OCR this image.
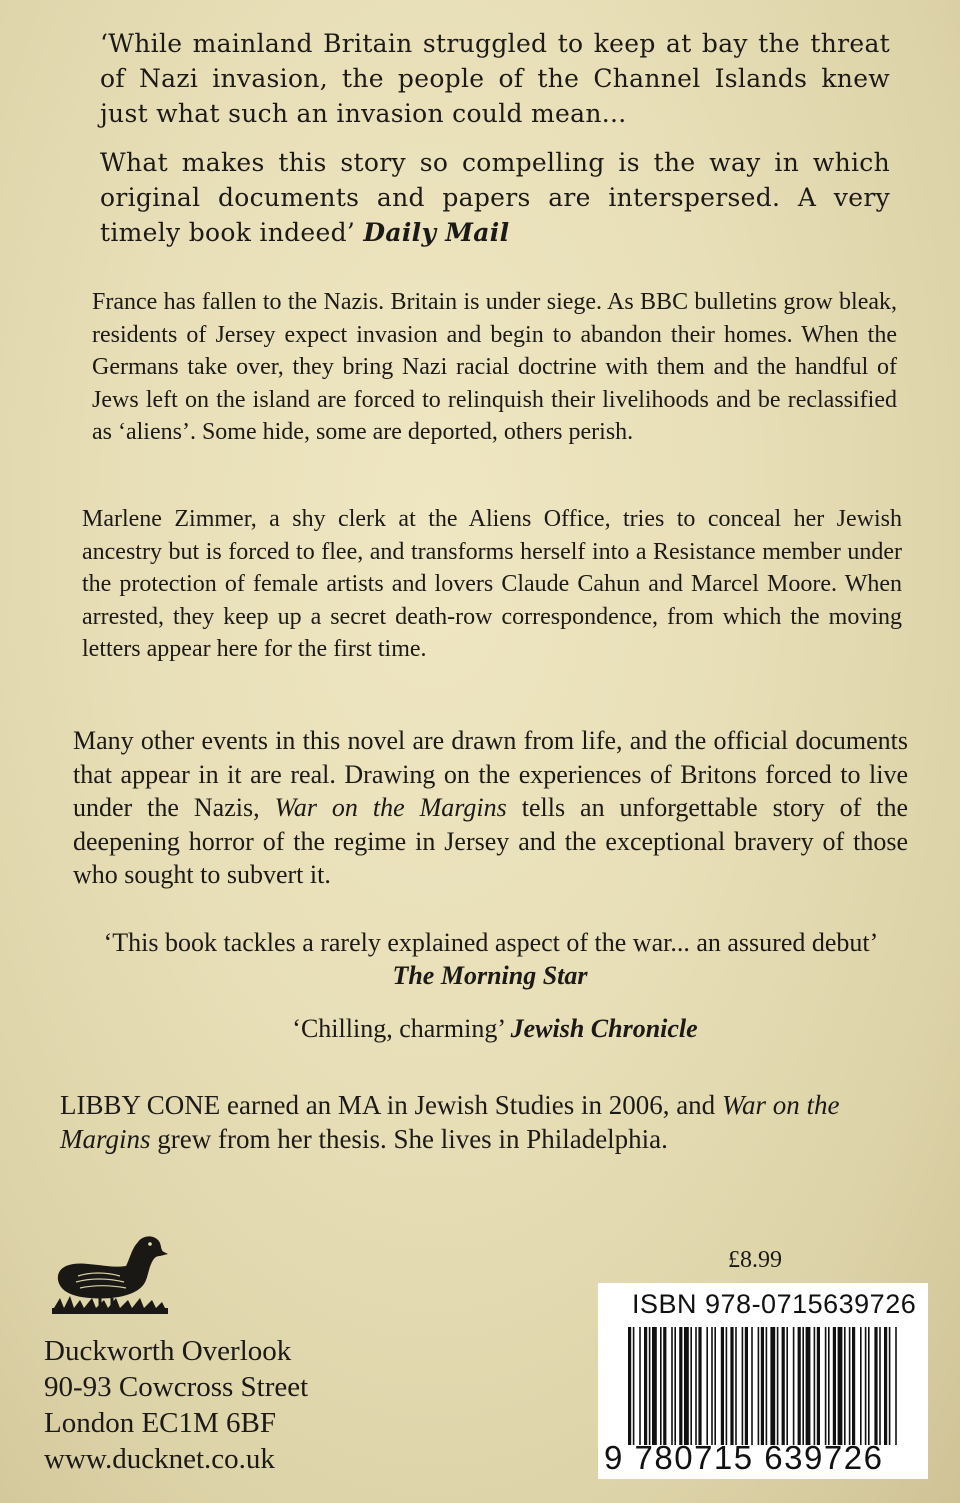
‘While mainland Britain struggled to keep at bay the threat of Nazi invasion, the people of the Channel Islands knew just what such an invasion could mean...

What makes this story so compelling is the way in which original documents and papers are interspersed. A very timely book indeed’ Daily Mail

France has fallen to the Nazis. Britain is under siege. As BBC bulletins grow bleak, residents of Jersey expect invasion and begin to abandon their homes. When the Germans take over, they bring Nazi racial doctrine with them and the handful of Jews left on the island are forced to relinquish their livelihoods and be reclassified as ‘aliens’. Some hide, some are deported, others perish.

Marlene Zimmer, a shy clerk at the Aliens Office, tries to conceal her Jewish ancestry but is forced to flee, and transforms herself into a Resistance member under the protection of female artists and lovers Claude Cahun and Marcel Moore. When arrested, they keep up a secret death-row correspondence, from which the moving letters appear here for the first time.

Many other events in this novel are drawn from life, and the official documents that appear in it are real. Drawing on the experiences of Britons forced to live under the Nazis, War on the Margins tells an unforgettable story of the deepening horror of the regime in Jersey and the exceptional bravery of those who sought to subvert it.

‘This book tackles a rarely explained aspect of the war... an assured debut’ The Morning Star
‘Chilling, charming’ Jewish Chronicle

LIBBY CONE earned an MA in Jewish Studies in 2006, and War on the Margins grew from her thesis. She lives in Philadelphia.

Duckworth Overlook
90-93 Cowcross Street
London EC1M 6BF
www.ducknet.co.uk
£8.99
ISBN 978-0715639726
9 780715 639726
